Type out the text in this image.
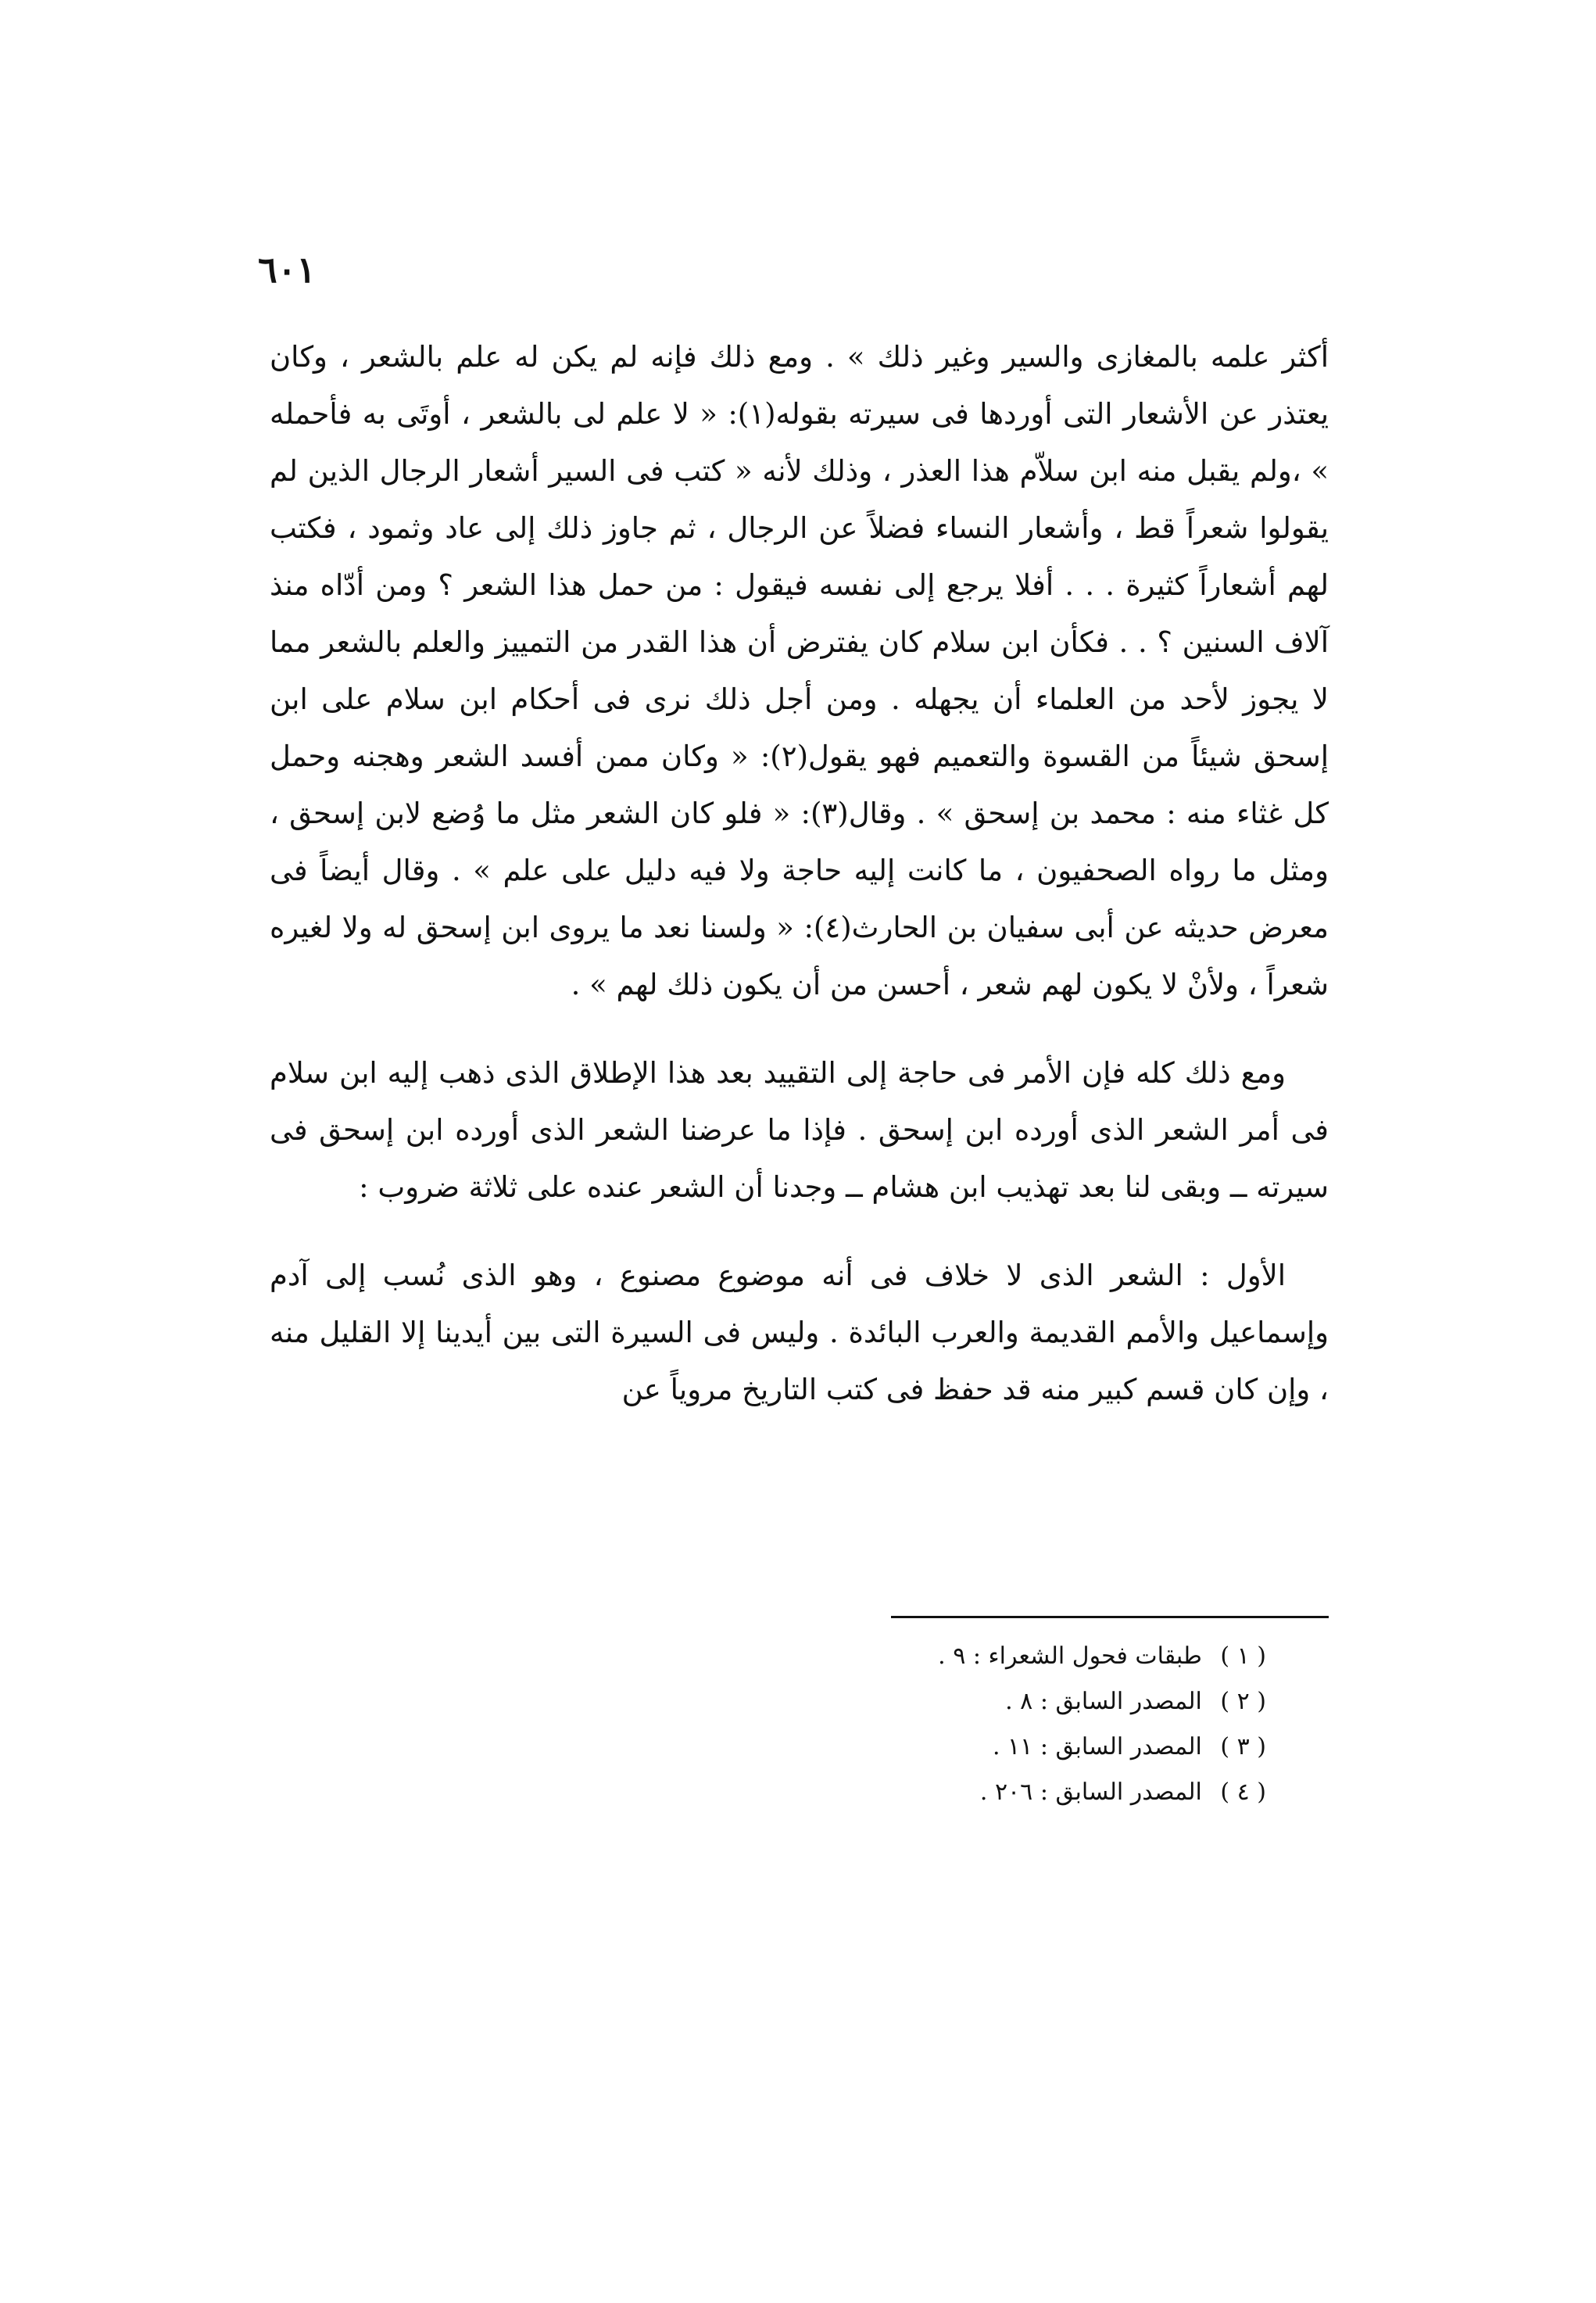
٦٠١

أكثر علمه بالمغازى والسير وغير ذلك » . ومع ذلك فإنه لم يكن له علم بالشعر ، وكان يعتذر عن الأشعار التى أوردها فى سيرته بقوله(١): « لا علم لى بالشعر ، أوتَى به فأحمله » ،ولم يقبل منه ابن سلاّم هذا العذر ، وذلك لأنه « كتب فى السير أشعار الرجال الذين لم يقولوا شعراً قط ، وأشعار النساء فضلاً عن الرجال ، ثم جاوز ذلك إلى عاد وثمود ، فكتب لهم أشعاراً كثيرة . . . أفلا يرجع إلى نفسه فيقول : من حمل هذا الشعر ؟ ومن أدّاه منذ آلاف السنين ؟ . . فكأن ابن سلام كان يفترض أن هذا القدر من التمييز والعلم بالشعر مما لا يجوز لأحد من العلماء أن يجهله . ومن أجل ذلك نرى فى أحكام ابن سلام على ابن إسحق شيئاً من القسوة والتعميم فهو يقول(٢): « وكان ممن أفسد الشعر وهجنه وحمل كل غثاء منه : محمد بن إسحق » . وقال(٣): « فلو كان الشعر مثل ما وُضع لابن إسحق ، ومثل ما رواه الصحفيون ، ما كانت إليه حاجة ولا فيه دليل على علم » . وقال أيضاً فى معرض حديثه عن أبى سفيان بن الحارث(٤): « ولسنا نعد ما يروى ابن إسحق له ولا لغيره شعراً ، ولأنْ لا يكون لهم شعر ، أحسن من أن يكون ذلك لهم » .

ومع ذلك كله فإن الأمر فى حاجة إلى التقييد بعد هذا الإطلاق الذى ذهب إليه ابن سلام فى أمر الشعر الذى أورده ابن إسحق . فإذا ما عرضنا الشعر الذى أورده ابن إسحق فى سيرته ــ وبقى لنا بعد تهذيب ابن هشام ــ وجدنا أن الشعر عنده على ثلاثة ضروب :

الأول : الشعر الذى لا خلاف فى أنه موضوع مصنوع ، وهو الذى نُسب إلى آدم وإسماعيل والأمم القديمة والعرب البائدة . وليس فى السيرة التى بين أيدينا إلا القليل منه ، وإن كان قسم كبير منه قد حفظ فى كتب التاريخ مروياً عن

( ١ ) طبقات فحول الشعراء : ٩ .
( ٢ ) المصدر السابق : ٨ .
( ٣ ) المصدر السابق : ١١ .
( ٤ ) المصدر السابق : ٢٠٦ .
